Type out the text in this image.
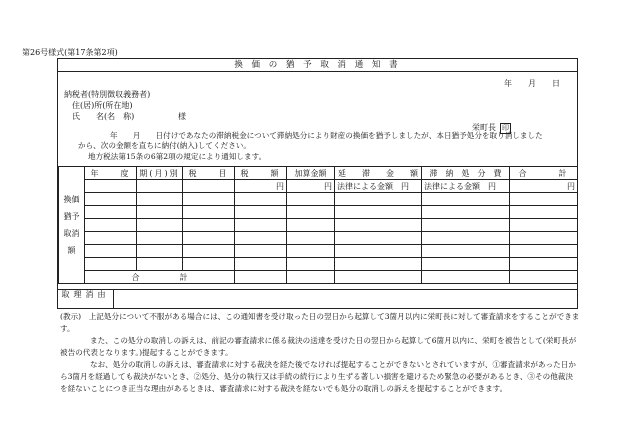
第26号様式(第17条第2項)
換 価 の 猶 予 取 消 通 知 書
年　　月　　日
納税者(特別徴収義務者)
住(居)所(所在地)
氏　　名(名　称)	様
栄町長 印
年　　月　　日付けであなたの滞納税金について滞納処分により財産の換価を猶予しましたが、本日猶予処分を取り消しました
から、次の金額を直ちに納付(納入)してください。
地方税法第15条の6第2項の規定により通知します。
換価猶予取消額	年　　度	期(月)別	税　　目	税　　額	加算金額	延　　滞　　金　　額	滞　納　処　分　費	合　　　計
				円	円	法律による金額　円	法律による金額　円	円

	合　　　　　計							
取理消由

(教示)　 上記処分について不服がある場合には、この通知書を受け取った日の翌日から起算して3箇月以内に栄町長に対して審査請求をすることができます。

また、この処分の取消しの訴えは、前記の審査請求に係る裁決の送達を受けた日の翌日から起算して6箇月以内に、栄町を被告として(栄町長が被告の代表となります。)提起することができます。

なお、処分の取消しの訴えは、審査請求に対する裁決を経た後でなければ提起することができないとされていますが、①審査請求があった日から3箇月を経過しても裁決がないとき、②処分、処分の執行又は手続の続行により生ずる著しい損害を避けるため緊急の必要があるとき、③その他裁決を経ないことにつき正当な理由があるときは、審査請求に対する裁決を経ないでも処分の取消しの訴えを提起することができます。
